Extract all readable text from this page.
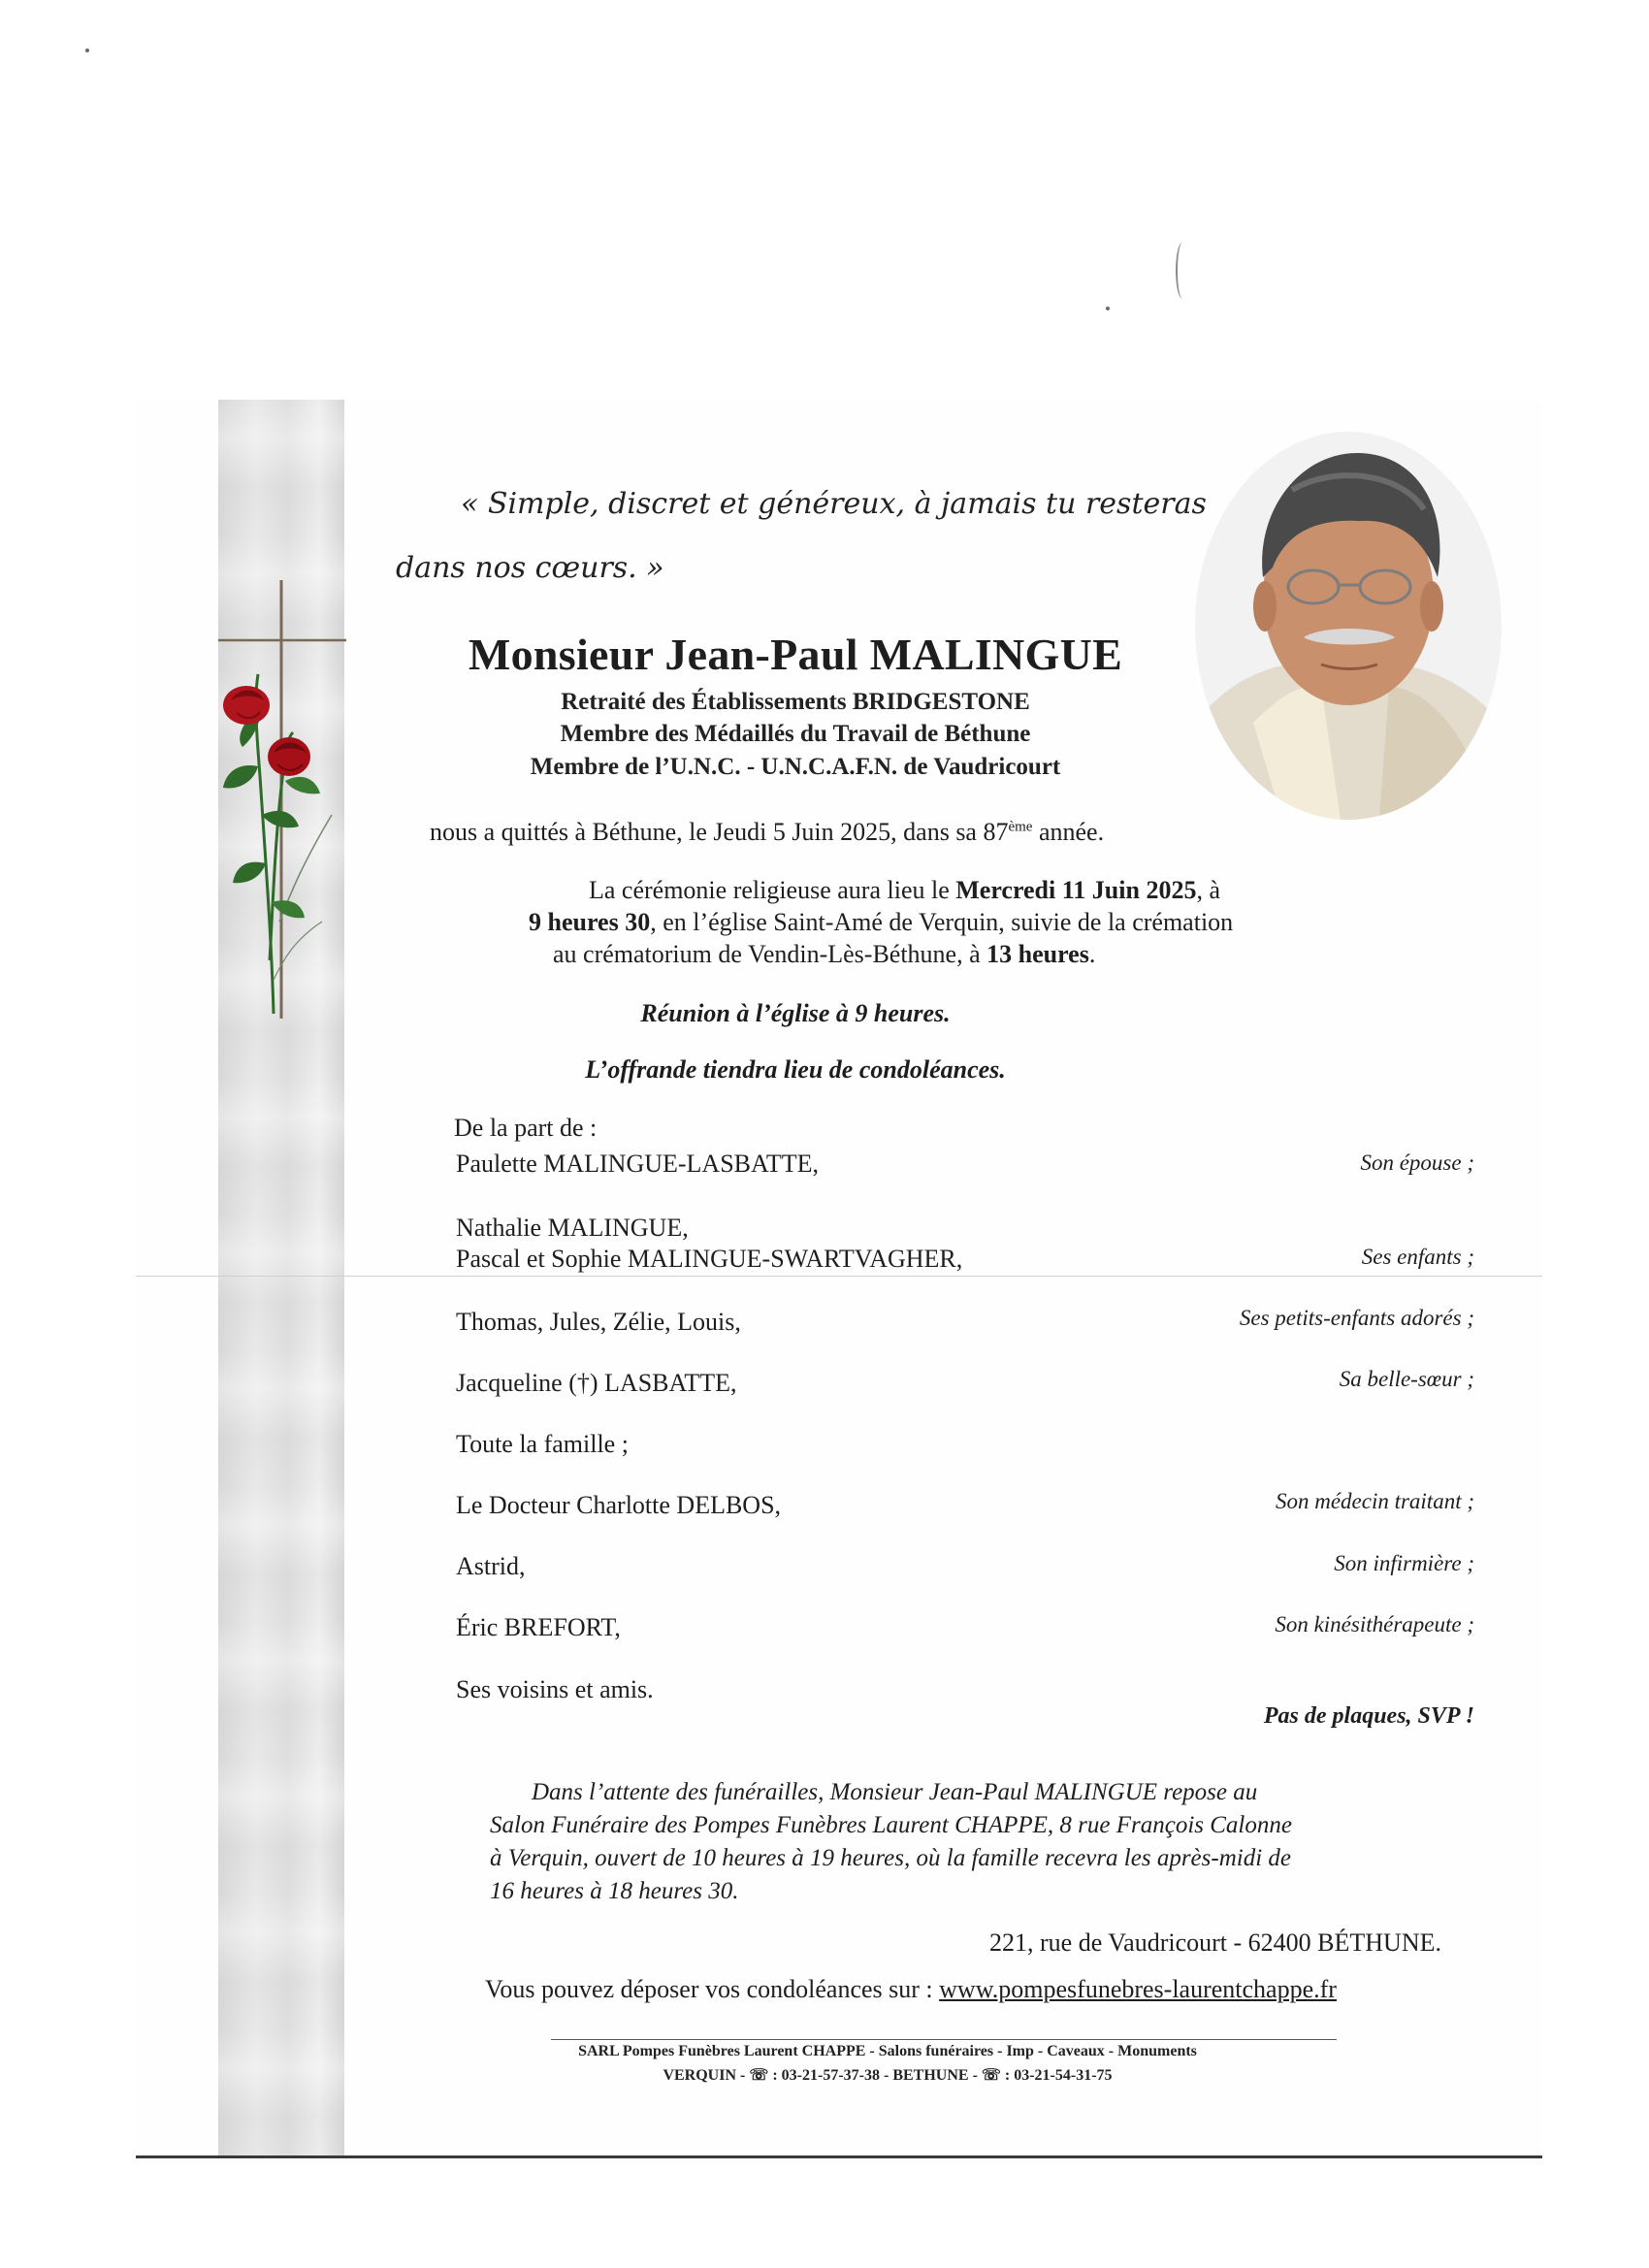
« Simple, discret et généreux, à jamais tu resteras
dans nos cœurs. »
Monsieur Jean-Paul MALINGUE
Retraité des Établissements BRIDGESTONE
Membre des Médaillés du Travail de Béthune
Membre de l’U.N.C. - U.N.C.A.F.N. de Vaudricourt
nous a quittés à Béthune, le Jeudi 5 Juin 2025, dans sa 87ème année.
La cérémonie religieuse aura lieu le Mercredi 11 Juin 2025, à
9 heures 30, en l’église Saint-Amé de Verquin, suivie de la crémation
au crématorium de Vendin-Lès-Béthune, à 13 heures.
Réunion à l’église à 9 heures.
L’offrande tiendra lieu de condoléances.
De la part de :
Paulette MALINGUE-LASBATTE,	Son épouse ;
Nathalie MALINGUE,
Pascal et Sophie MALINGUE-SWARTVAGHER,	Ses enfants ;
Thomas, Jules, Zélie, Louis,	Ses petits-enfants adorés ;
Jacqueline (†) LASBATTE,	Sa belle-sœur ;
Toute la famille ;
Le Docteur Charlotte DELBOS,	Son médecin traitant ;
Astrid,	Son infirmière ;
Éric BREFORT,	Son kinésithérapeute ;
Ses voisins et amis.
Pas de plaques, SVP !
Dans l’attente des funérailles, Monsieur Jean-Paul MALINGUE repose au
Salon Funéraire des Pompes Funèbres Laurent CHAPPE, 8 rue François Calonne
à Verquin, ouvert de 10 heures à 19 heures, où la famille recevra les après-midi de
16 heures à 18 heures 30.
221, rue de Vaudricourt - 62400 BÉTHUNE.
Vous pouvez déposer vos condoléances sur : www.pompesfunebres-laurentchappe.fr
SARL Pompes Funèbres Laurent CHAPPE - Salons funéraires - Imp - Caveaux - Monuments
VERQUIN - ☏ : 03-21-57-37-38 - BETHUNE - ☏ : 03-21-54-31-75
